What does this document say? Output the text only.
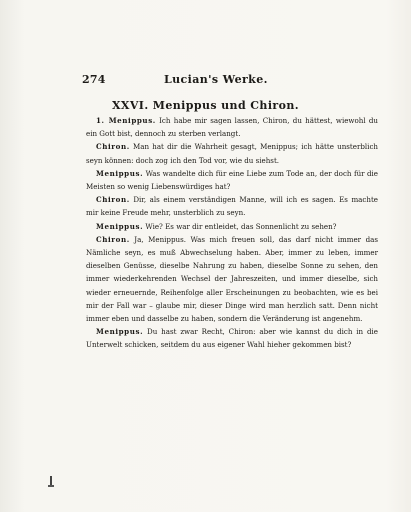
274	Lucian's Werke.
XXVI. Menippus und Chiron.

1. Menippus. Ich habe mir sagen lassen, Chiron, du hättest, wiewohl du ein Gott bist, dennoch zu sterben verlangt.

Chiron. Man hat dir die Wahrheit gesagt, Menippus; ich hätte unsterblich seyn können: doch zog ich den Tod vor, wie du siehst.

Menippus. Was wandelte dich für eine Liebe zum Tode an, der doch für die Meisten so wenig Liebenswürdiges hat?

Chiron. Dir, als einem verständigen Manne, will ich es sagen. Es machte mir keine Freude mehr, unsterblich zu seyn.

Menippus. Wie? Es war dir entleidet, das Sonnenlicht zu sehen?

Chiron. Ja, Menippus. Was mich freuen soll, das darf nicht immer das Nämliche seyn, es muß Abwechselung haben. Aber, immer zu leben, immer dieselben Genüsse, dieselbe Nahrung zu haben, dieselbe Sonne zu sehen, den immer wiederkehrenden Wechsel der Jahreszeiten, und immer dieselbe, sich wieder erneuernde, Reihenfolge aller Erscheinungen zu beobachten, wie es bei mir der Fall war – glaube mir, dieser Dinge wird man herzlich satt. Denn nicht immer eben und dasselbe zu haben, sondern die Veränderung ist angenehm.

Menippus. Du hast zwar Recht, Chiron: aber wie kannst du dich in die Unterwelt schicken, seitdem du aus eigener Wahl hieher gekommen bist?
